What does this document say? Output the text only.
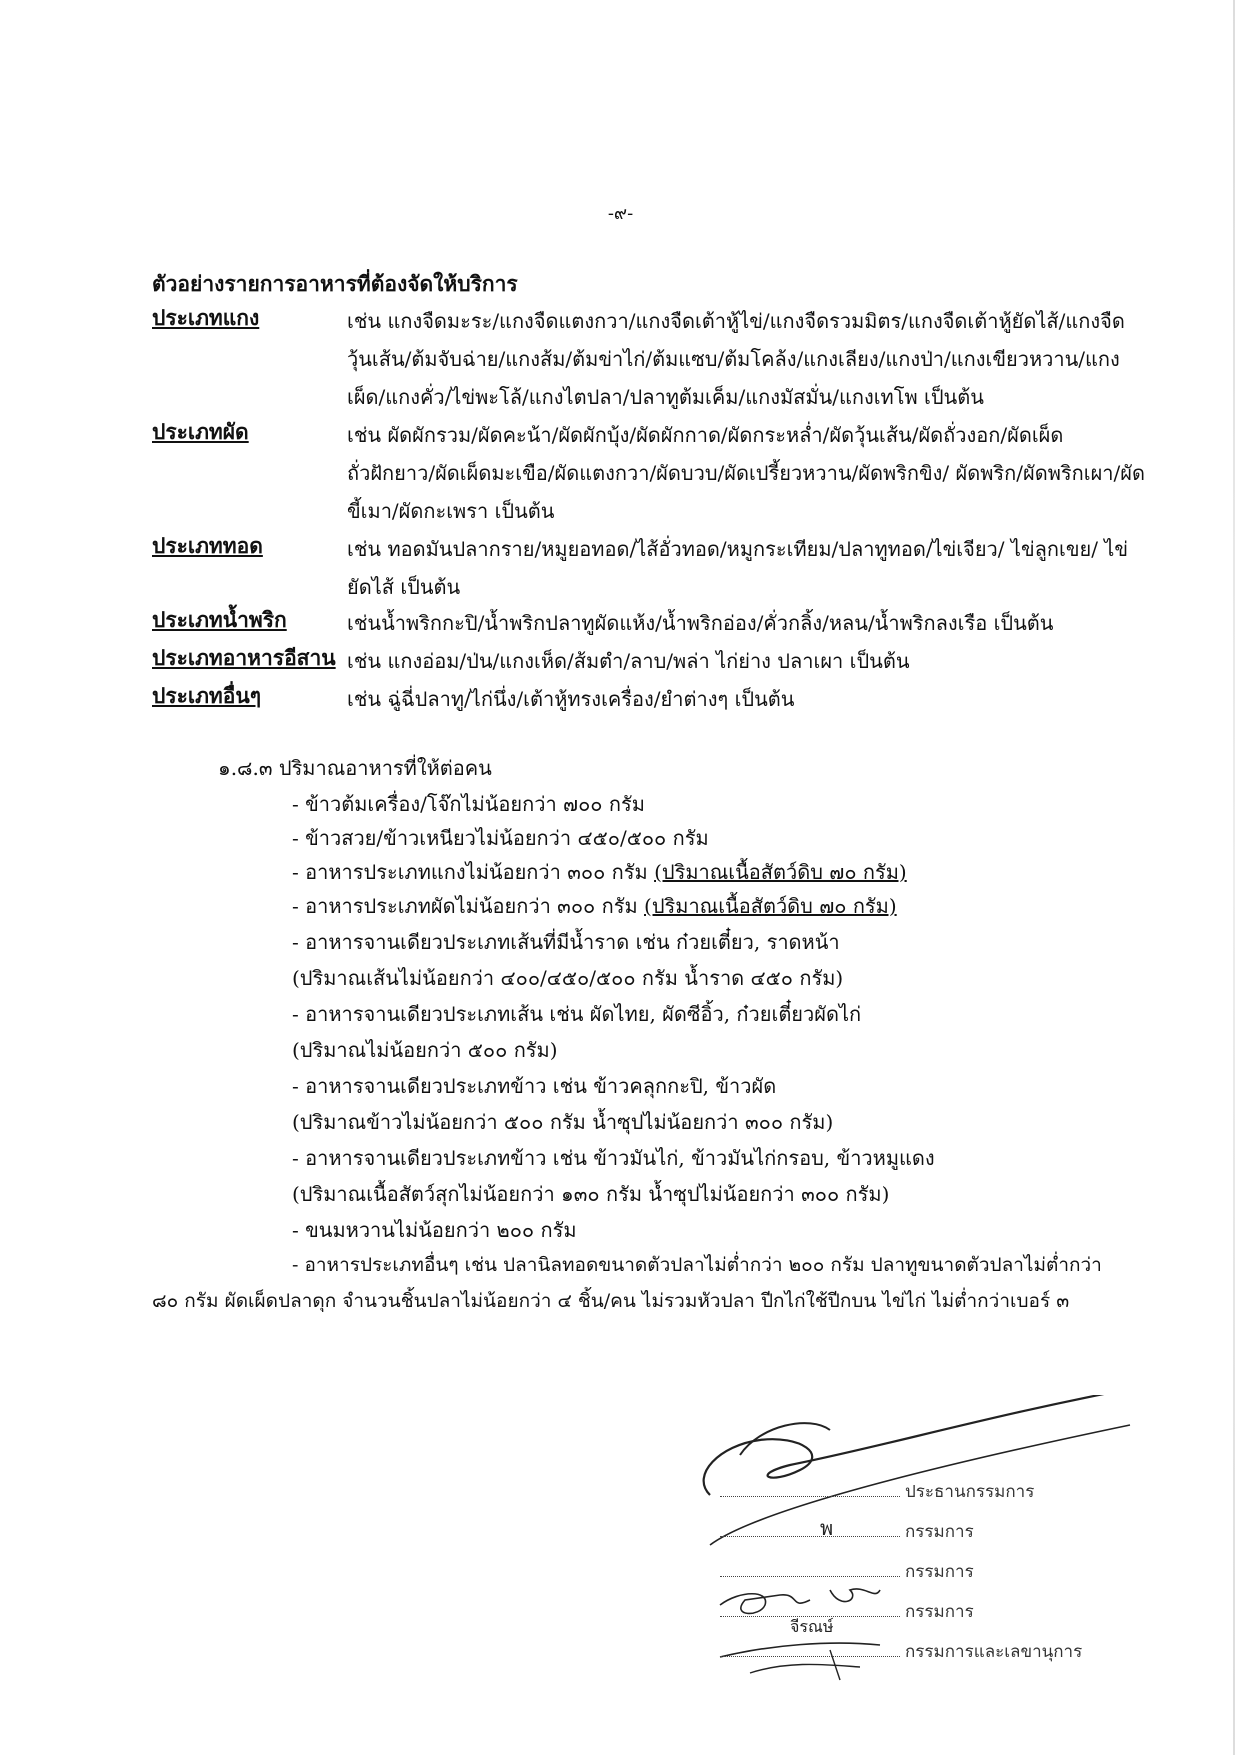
-๙-
ตัวอย่างรายการอาหารที่ต้องจัดให้บริการ
ประเภทแกง	เช่น แกงจืดมะระ/แกงจืดแตงกวา/แกงจืดเต้าหู้ไข่/แกงจืดรวมมิตร/แกงจืดเต้าหู้ยัดไส้/แกงจืดวุ้นเส้น/ต้มจับฉ่าย/แกงส้ม/ต้มข่าไก่/ต้มแซบ/ต้มโคล้ง/แกงเลียง/แกงป่า/แกงเขียวหวาน/แกงเผ็ด/แกงคั่ว/ไข่พะโล้/แกงไตปลา/ปลาทูต้มเค็ม/แกงมัสมั่น/แกงเทโพ เป็นต้น
ประเภทผัด	เช่น ผัดผักรวม/ผัดคะน้า/ผัดผักบุ้ง/ผัดผักกาด/ผัดกระหล่ำ/ผัดวุ้นเส้น/ผัดถั่วงอก/ผัดเผ็ดถั่วฝักยาว/ผัดเผ็ดมะเขือ/ผัดแตงกวา/ผัดบวบ/ผัดเปรี้ยวหวาน/ผัดพริกขิง/ ผัดพริก/ผัดพริกเผา/ผัดขี้เมา/ผัดกะเพรา เป็นต้น
ประเภททอด	เช่น ทอดมันปลากราย/หมูยอทอด/ไส้อั่วทอด/หมูกระเทียม/ปลาทูทอด/ไข่เจียว/ ไข่ลูกเขย/ ไข่ยัดไส้ เป็นต้น
ประเภทน้ำพริก	เช่นน้ำพริกกะปิ/น้ำพริกปลาทูผัดแห้ง/น้ำพริกอ่อง/คั่วกลิ้ง/หลน/น้ำพริกลงเรือ เป็นต้น
ประเภทอาหารอีสาน เช่น แกงอ่อม/ป่น/แกงเห็ด/ส้มตำ/ลาบ/พล่า ไก่ย่าง ปลาเผา เป็นต้น
ประเภทอื่นๆ	เช่น ฉู่ฉี่ปลาทู/ไก่นึ่ง/เต้าหู้ทรงเครื่อง/ยำต่างๆ เป็นต้น
๑.๘.๓ ปริมาณอาหารที่ให้ต่อคน
- ข้าวต้มเครื่อง/โจ๊กไม่น้อยกว่า ๗๐๐ กรัม
- ข้าวสวย/ข้าวเหนียวไม่น้อยกว่า ๔๕๐/๕๐๐ กรัม
- อาหารประเภทแกงไม่น้อยกว่า ๓๐๐ กรัม (ปริมาณเนื้อสัตว์ดิบ ๗๐ กรัม)
- อาหารประเภทผัดไม่น้อยกว่า ๓๐๐ กรัม (ปริมาณเนื้อสัตว์ดิบ ๗๐ กรัม)
- อาหารจานเดียวประเภทเส้นที่มีน้ำราด เช่น ก๋วยเตี๋ยว, ราดหน้า
(ปริมาณเส้นไม่น้อยกว่า ๔๐๐/๔๕๐/๕๐๐ กรัม น้ำราด ๔๕๐ กรัม)
- อาหารจานเดียวประเภทเส้น เช่น ผัดไทย, ผัดซีอิ้ว, ก๋วยเตี๋ยวผัดไก่
(ปริมาณไม่น้อยกว่า ๕๐๐ กรัม)
- อาหารจานเดียวประเภทข้าว เช่น ข้าวคลุกกะปิ, ข้าวผัด
(ปริมาณข้าวไม่น้อยกว่า ๕๐๐ กรัม น้ำซุปไม่น้อยกว่า ๓๐๐ กรัม)
- อาหารจานเดียวประเภทข้าว เช่น ข้าวมันไก่, ข้าวมันไก่กรอบ, ข้าวหมูแดง
(ปริมาณเนื้อสัตว์สุกไม่น้อยกว่า ๑๓๐ กรัม น้ำซุปไม่น้อยกว่า ๓๐๐ กรัม)
- ขนมหวานไม่น้อยกว่า ๒๐๐ กรัม
- อาหารประเภทอื่นๆ เช่น ปลานิลทอดขนาดตัวปลาไม่ต่ำกว่า ๒๐๐ กรัม ปลาทูขนาดตัวปลาไม่ต่ำกว่า
๘๐ กรัม ผัดเผ็ดปลาดุก จำนวนชิ้นปลาไม่น้อยกว่า ๔ ชิ้น/คน ไม่รวมหัวปลา ปีกไก่ใช้ปีกบน ไข่ไก่ ไม่ต่ำกว่าเบอร์ ๓
พ
จีรณษ์
ประธานกรรมการ
กรรมการ
กรรมการ
กรรมการ
กรรมการและเลขานุการ
